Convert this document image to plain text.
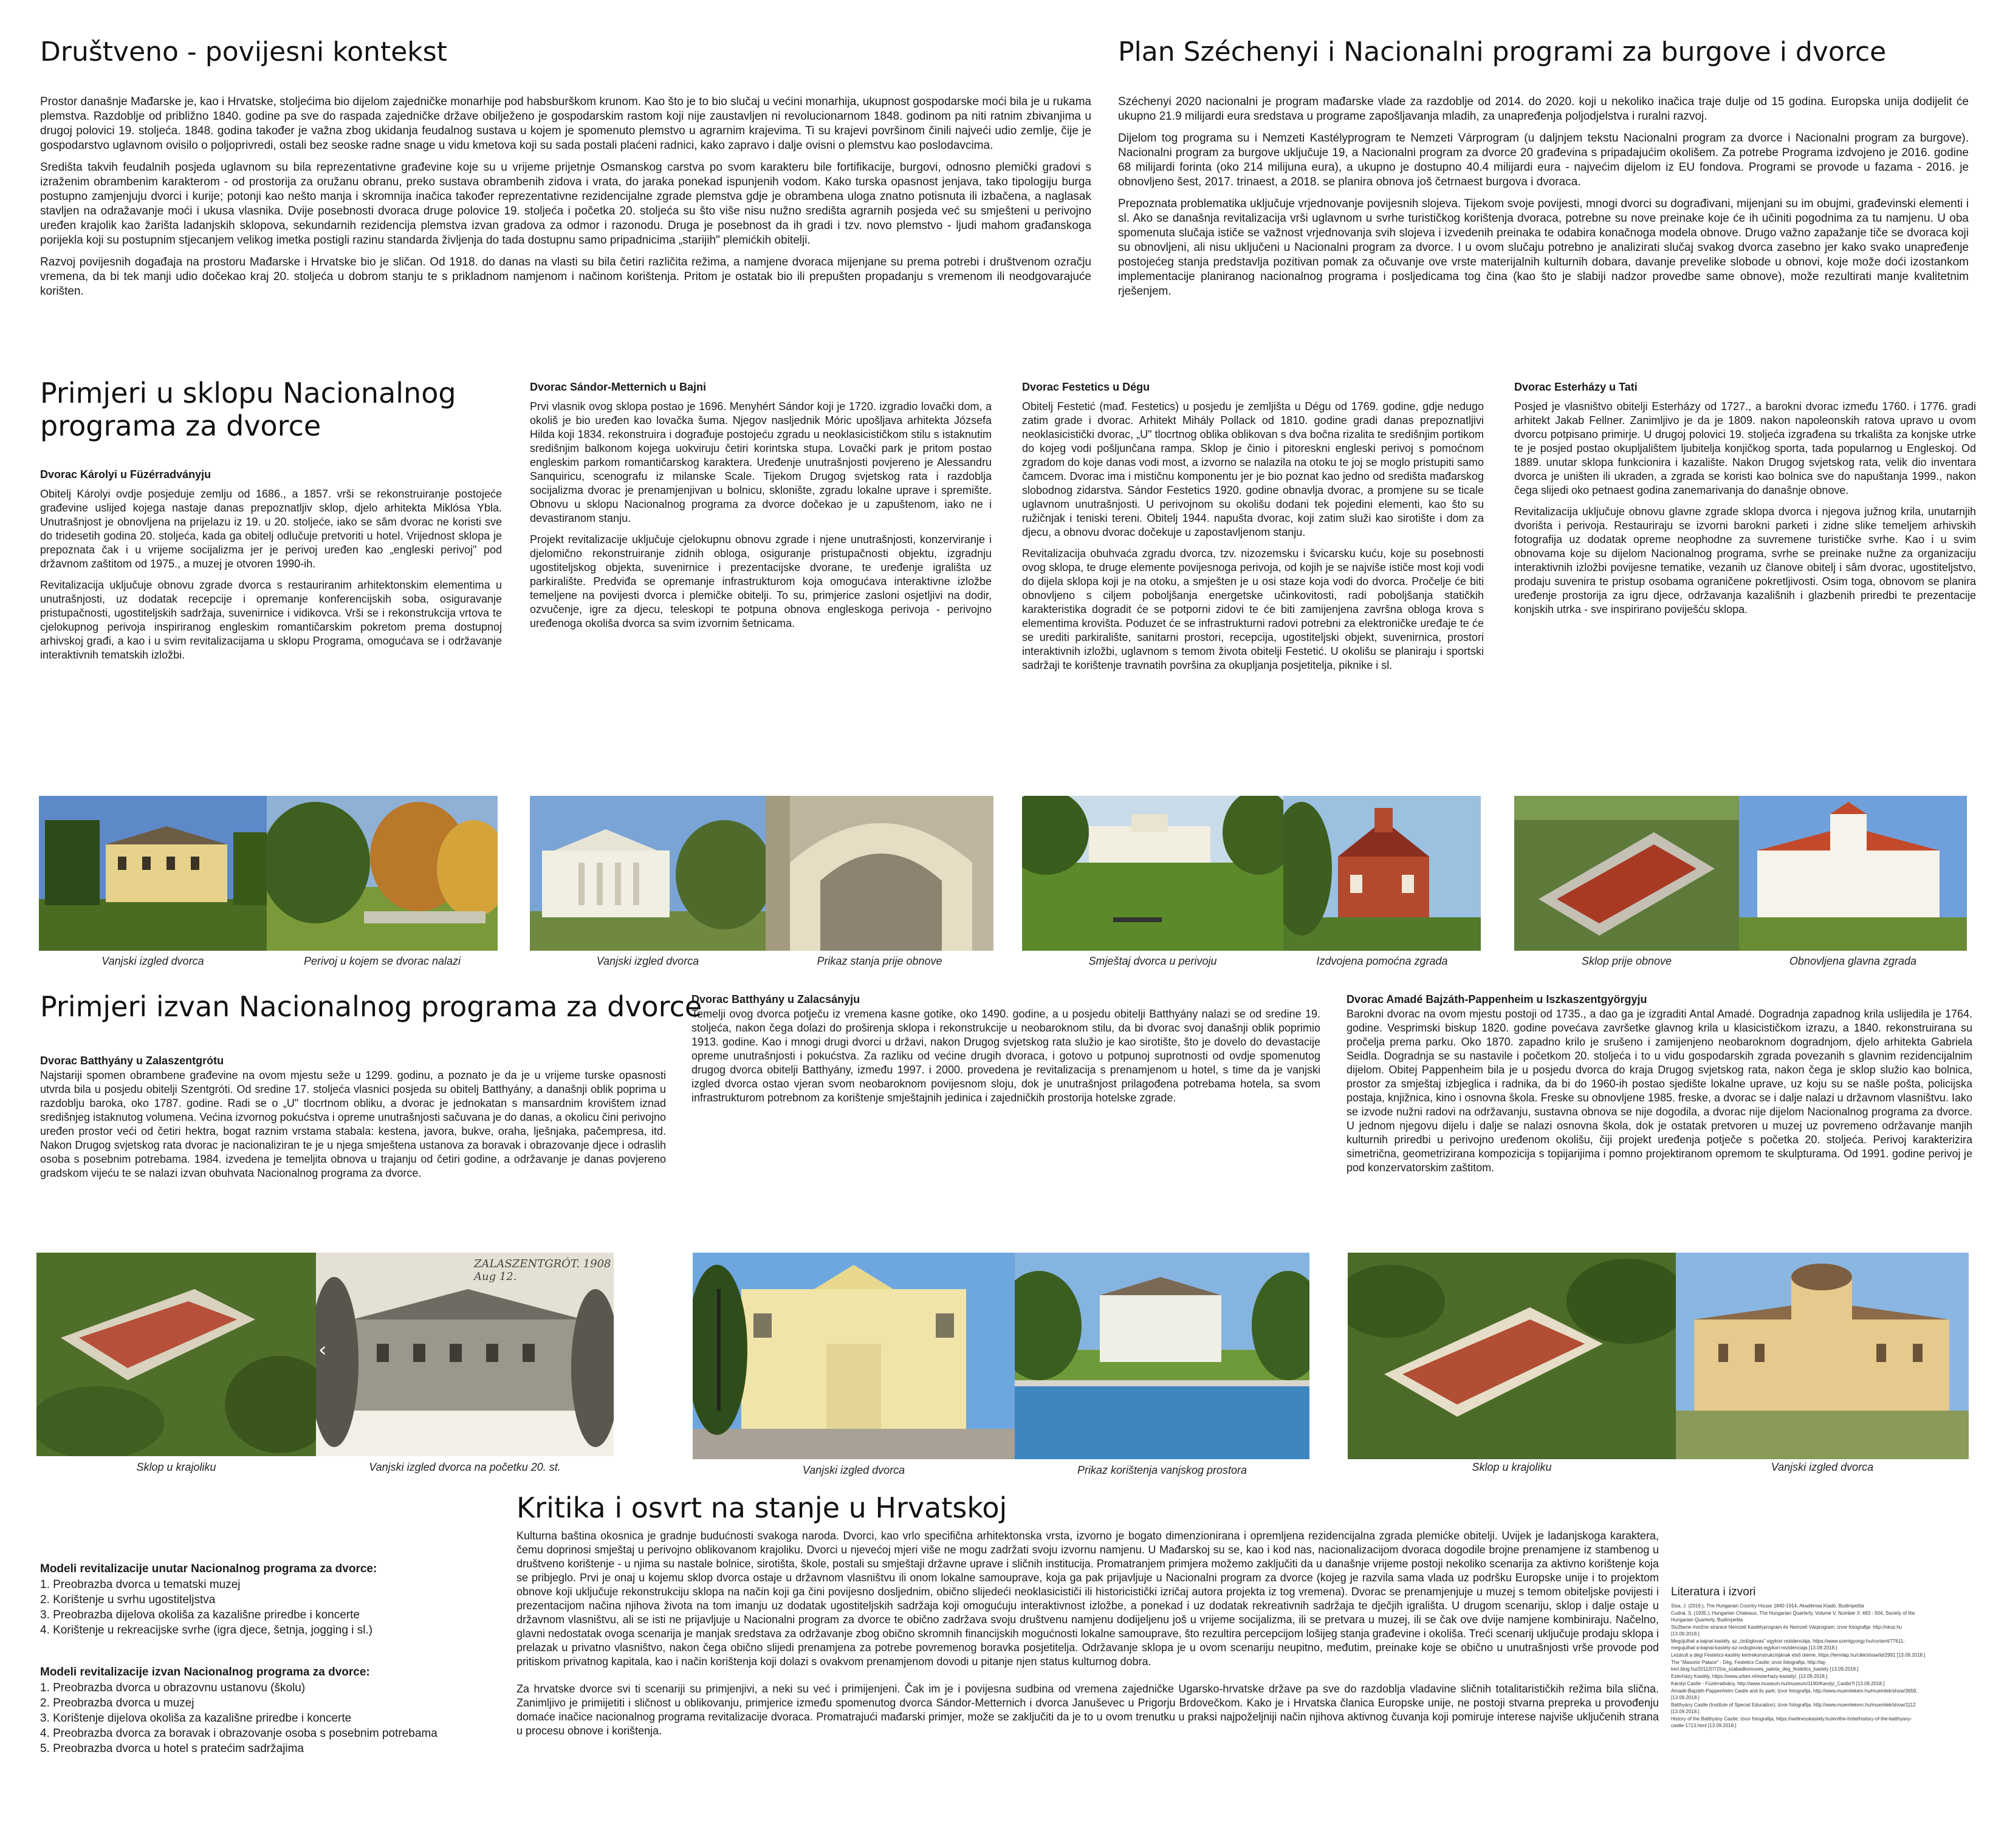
Društveno - povijesni kontekst

Prostor današnje Mađarske je, kao i Hrvatske, stoljećima bio dijelom zajedničke monarhije pod habsburškom krunom. Kao što je to bio slučaj u većini monarhija, ukupnost gospodarske moći bila je u rukama plemstva. Razdoblje od približno 1840. godine pa sve do raspada zajedničke države obilježeno je gospodarskim rastom koji nije zaustavljen ni revolucionarnom 1848. godinom pa niti ratnim zbivanjima u drugoj polovici 19. stoljeća. 1848. godina također je važna zbog ukidanja feudalnog sustava u kojem je spomenuto plemstvo u agrarnim krajevima. Ti su krajevi površinom činili najveći udio zemlje, čije je gospodarstvo uglavnom ovisilo o poljoprivredi, ostali bez seoske radne snage u vidu kmetova koji su sada postali plaćeni radnici, kako zapravo i dalje ovisni o plemstvu kao poslodavcima.

Središta takvih feudalnih posjeda uglavnom su bila reprezentativne građevine koje su u vrijeme prijetnje Osmanskog carstva po svom karakteru bile fortifikacije, burgovi, odnosno plemički gradovi s izraženim obrambenim karakterom - od prostorija za oružanu obranu, preko sustava obrambenih zidova i vrata, do jaraka ponekad ispunjenih vodom. Kako turska opasnost jenjava, tako tipologiju burga postupno zamjenjuju dvorci i kurije; potonji kao nešto manja i skromnija inačica također reprezentativne rezidencijalne zgrade plemstva gdje je obrambena uloga znatno potisnuta ili izbačena, a naglasak stavljen na odražavanje moći i ukusa vlasnika. Dvije posebnosti dvoraca druge polovice 19. stoljeća i početka 20. stoljeća su što više nisu nužno središta agrarnih posjeda već su smješteni u perivojno uređen krajolik kao žarišta ladanjskih sklopova, sekundarnih rezidencija plemstva izvan gradova za odmor i razonodu. Druga je posebnost da ih gradi i tzv. novo plemstvo - ljudi mahom građanskoga porijekla koji su postupnim stjecanjem velikog imetka postigli razinu standarda življenja do tada dostupnu samo pripadnicima „starijih" plemićkih obitelji.

Razvoj povijesnih događaja na prostoru Mađarske i Hrvatske bio je sličan. Od 1918. do danas na vlasti su bila četiri različita režima, a namjene dvoraca mijenjane su prema potrebi i društvenom ozračju vremena, da bi tek manji udio dočekao kraj 20. stoljeća u dobrom stanju te s prikladnom namjenom i načinom korištenja. Pritom je ostatak bio ili prepušten propadanju s vremenom ili neodgovarajuće korišten.

Plan Széchenyi i Nacionalni programi za burgove i dvorce

Széchenyi 2020 nacionalni je program mađarske vlade za razdoblje od 2014. do 2020. koji u nekoliko inačica traje dulje od 15 godina. Europska unija dodijelit će ukupno 21.9 milijardi eura sredstava u programe zapošljavanja mladih, za unapređenja poljodjelstva i ruralni razvoj.

Dijelom tog programa su i Nemzeti Kastélyprogram te Nemzeti Várprogram (u daljnjem tekstu Nacionalni program za dvorce i Nacionalni program za burgove). Nacionalni program za burgove uključuje 19, a Nacionalni program za dvorce 20 građevina s pripadajućim okolišem. Za potrebe Programa izdvojeno je 2016. godine 68 milijardi forinta (oko 214 milijuna eura), a ukupno je dostupno 40.4 milijardi eura - najvećim dijelom iz EU fondova. Programi se provode u fazama - 2016. je obnovljeno šest, 2017. trinaest, a 2018. se planira obnova još četrnaest burgova i dvoraca.

Prepoznata problematika uključuje vrjednovanje povijesnih slojeva. Tijekom svoje povijesti, mnogi dvorci su dograđivani, mijenjani su im obujmi, građevinski elementi i sl. Ako se današnja revitalizacija vrši uglavnom u svrhe turističkog korištenja dvoraca, potrebne su nove preinake koje će ih učiniti pogodnima za tu namjenu. U oba spomenuta slučaja ističe se važnost vrjednovanja svih slojeva i izvedenih preinaka te odabira konačnoga modela obnove. Drugo važno zapažanje tiče se dvoraca koji su obnovljeni, ali nisu uključeni u Nacionalni program za dvorce. I u ovom slučaju potrebno je analizirati slučaj svakog dvorca zasebno jer kako svako unapređenje postojećeg stanja predstavlja pozitivan pomak za očuvanje ove vrste materijalnih kulturnih dobara, davanje prevelike slobode u obnovi, koje može doći izostankom implementacije planiranog nacionalnog programa i posljedicama tog čina (kao što je slabiji nadzor provedbe same obnove), može rezultirati manje kvalitetnim rješenjem.

Primjeri u sklopu Nacionalnog
programa za dvorce
Dvorac Károlyi u Füzérradványju

Obitelj Károlyi ovdje posjeduje zemlju od 1686., a 1857. vrši se rekonstruiranje postojeće građevine uslijed kojega nastaje danas prepoznatljiv sklop, djelo arhitekta Miklósa Ybla. Unutrašnjost je obnovljena na prijelazu iz 19. u 20. stoljeće, iako se sâm dvorac ne koristi sve do tridesetih godina 20. stoljeća, kada ga obitelj odlučuje pretvoriti u hotel. Vrijednost sklopa je prepoznata čak i u vrijeme socijalizma jer je perivoj uređen kao „engleski perivoj" pod državnom zaštitom od 1975., a muzej je otvoren 1990-ih.

Revitalizacija uključuje obnovu zgrade dvorca s restauriranim arhitektonskim elementima u unutrašnjosti, uz dodatak recepcije i opremanje konferencijskih soba, osiguravanje pristupačnosti, ugostiteljskih sadržaja, suvenirnice i vidikovca. Vrši se i rekonstrukcija vrtova te cjelokupnog perivoja inspiriranog engleskim romantičarskim pokretom prema dostupnoj arhivskoj građi, a kao i u svim revitalizacijama u sklopu Programa, omogućava se i održavanje interaktivnih tematskih izložbi.

Dvorac Sándor-Metternich u Bajni

Prvi vlasnik ovog sklopa postao je 1696. Menyhért Sándor koji je 1720. izgradio lovački dom, a okoliš je bio uređen kao lovačka šuma. Njegov nasljednik Móric upošljava arhitekta Józsefa Hilda koji 1834. rekonstruira i dograđuje postojeću zgradu u neoklasicističkom stilu s istaknutim središnjim balkonom kojega uokviruju četiri korintska stupa. Lovački park je pritom postao engleskim parkom romantičarskog karaktera. Uređenje unutrašnjosti povjereno je Alessandru Sanquiricu, scenografu iz milanske Scale. Tijekom Drugog svjetskog rata i razdoblja socijalizma dvorac je prenamjenjivan u bolnicu, sklonište, zgradu lokalne uprave i spremište. Obnovu u sklopu Nacionalnog programa za dvorce dočekao je u zapuštenom, iako ne i devastiranom stanju.

Projekt revitalizacije uključuje cjelokupnu obnovu zgrade i njene unutrašnjosti, konzerviranje i djelomično rekonstruiranje zidnih obloga, osiguranje pristupačnosti objektu, izgradnju ugostiteljskog objekta, suvenirnice i prezentacijske dvorane, te uređenje igrališta uz parkiralište. Predviđa se opremanje infrastrukturom koja omogućava interaktivne izložbe temeljene na povijesti dvorca i plemičke obitelji. To su, primjerice zasloni osjetljivi na dodir, ozvučenje, igre za djecu, teleskopi te potpuna obnova engleskoga perivoja - perivojno uređenoga okoliša dvorca sa svim izvornim šetnicama.

Dvorac Festetics u Dégu

Obitelj Festetić (mađ. Festetics) u posjedu je zemljišta u Dégu od 1769. godine, gdje nedugo zatim grade i dvorac. Arhitekt Mihály Pollack od 1810. godine gradi danas prepoznatljivi neoklasicistički dvorac, „U" tlocrtnog oblika oblikovan s dva bočna rizalita te središnjim portikom do kojeg vodi pošljunčana rampa. Sklop je činio i pitoreskni engleski perivoj s pomoćnom zgradom do koje danas vodi most, a izvorno se nalazila na otoku te joj se moglo pristupiti samo čamcem. Dvorac ima i mističnu komponentu jer je bio poznat kao jedno od središta mađarskog slobodnog zidarstva. Sándor Festetics 1920. godine obnavlja dvorac, a promjene su se ticale uglavnom unutrašnjosti. U perivojnom su okolišu dodani tek pojedini elementi, kao što su ružičnjak i teniski tereni. Obitelj 1944. napušta dvorac, koji zatim služi kao sirotište i dom za djecu, a obnovu dvorac dočekuje u zapostavljenom stanju.

Revitalizacija obuhvaća zgradu dvorca, tzv. nizozemsku i švicarsku kuću, koje su posebnosti ovog sklopa, te druge elemente povijesnoga perivoja, od kojih je se najviše ističe most koji vodi do dijela sklopa koji je na otoku, a smješten je u osi staze koja vodi do dvorca. Pročelje će biti obnovljeno s ciljem poboljšanja energetske učinkovitosti, radi poboljšanja statičkih karakteristika dogradit će se potporni zidovi te će biti zamijenjena završna obloga krova s elementima krovišta. Poduzet će se infrastrukturni radovi potrebni za elektroničke uređaje te će se urediti parkiralište, sanitarni prostori, recepcija, ugostiteljski objekt, suvenirnica, prostori interaktivnih izložbi, uglavnom s temom života obitelji Festetić. U okolišu se planiraju i sportski sadržaji te korištenje travnatih površina za okupljanja posjetitelja, piknike i sl.

Dvorac Esterházy u Tati

Posjed je vlasništvo obitelji Esterházy od 1727., a barokni dvorac između 1760. i 1776. gradi arhitekt Jakab Fellner. Zanimljivo je da je 1809. nakon napoleonskih ratova upravo u ovom dvorcu potpisano primirje. U drugoj polovici 19. stoljeća izgrađena su trkališta za konjske utrke te je posjed postao okupljalištem ljubitelja konjičkog sporta, tada popularnog u Engleskoj. Od 1889. unutar sklopa funkcionira i kazalište. Nakon Drugog svjetskog rata, velik dio inventara dvorca je uništen ili ukraden, a zgrada se koristi kao bolnica sve do napuštanja 1999., nakon čega slijedi oko petnaest godina zanemarivanja do današnje obnove.

Revitalizacija uključuje obnovu glavne zgrade sklopa dvorca i njegova južnog krila, unutarnjih dvorišta i perivoja. Restauriraju se izvorni barokni parketi i zidne slike temeljem arhivskih fotografija uz dodatak opreme neophodne za suvremene turističke svrhe. Kao i u svim obnovama koje su dijelom Nacionalnog programa, svrhe se preinake nužne za organizaciju interaktivnih izložbi povijesne tematike, vezanih uz članove obitelj i sâm dvorac, ugostiteljstvo, prodaju suvenira te pristup osobama ograničene pokretljivosti. Osim toga, obnovom se planira uređenje prostorija za igru djece, održavanja kazališnih i glazbenih priredbi te prezentacije konjskih utrka - sve inspirirano poviješću sklopa.

Vanjski izgled dvorca	Perivoj u kojem se dvorac nalazi	Vanjski izgled dvorca	Prikaz stanja prije obnove	Smještaj dvorca u perivoju	Izdvojena pomoćna zgrada	Sklop prije obnove	Obnovljena glavna zgrada
Primjeri izvan Nacionalnog programa za dvorce
Dvorac Batthyány u Zalaszentgrótu

Najstariji spomen obrambene građevine na ovom mjestu seže u 1299. godinu, a poznato je da je u vrijeme turske opasnosti utvrda bila u posjedu obitelji Szentgróti. Od sredine 17. stoljeća vlasnici posjeda su obitelj Batthyány, a današnji oblik poprima u razdoblju baroka, oko 1787. godine. Radi se o „U" tlocrtnom obliku, a dvorac je jednokatan s mansardnim krovištem iznad središnjeg istaknutog volumena. Većina izvornog pokućstva i opreme unutrašnjosti sačuvana je do danas, a okolicu čini perivojno uređen prostor veći od četiri hektra, bogat raznim vrstama stabala: kestena, javora, bukve, oraha, lješnjaka, pačempresa, itd. Nakon Drugog svjetskog rata dvorac je nacionaliziran te je u njega smještena ustanova za boravak i obrazovanje djece i odraslih osoba s posebnim potrebama. 1984. izvedena je temeljita obnova u trajanju od četiri godine, a održavanje je danas povjereno gradskom vijeću te se nalazi izvan obuhvata Nacionalnog programa za dvorce.

Dvorac Batthyány u Zalacsányju

Temelji ovog dvorca potječu iz vremena kasne gotike, oko 1490. godine, a u posjedu obitelji Batthyány nalazi se od sredine 19. stoljeća, nakon čega dolazi do proširenja sklopa i rekonstrukcije u neobaroknom stilu, da bi dvorac svoj današnji oblik poprimio 1913. godine. Kao i mnogi drugi dvorci u državi, nakon Drugog svjetskog rata služio je kao sirotište, što je dovelo do devastacije opreme unutrašnjosti i pokućstva. Za razliku od većine drugih dvoraca, i gotovo u potpunoj suprotnosti od ovdje spomenutog drugog dvorca obitelji Batthyány, između 1997. i 2000. provedena je revitalizacija s prenamjenom u hotel, s time da je vanjski izgled dvorca ostao vjeran svom neobaroknom povijesnom sloju, dok je unutrašnjost prilagođena potrebama hotela, sa svom infrastrukturom potrebnom za korištenje smještajnih jedinica i zajedničkih prostorija hotelske zgrade.

Dvorac Amadé Bajzáth-Pappenheim u Iszkaszentgyörgyju

Barokni dvorac na ovom mjestu postoji od 1735., a dao ga je izgraditi Antal Amadé. Dogradnja zapadnog krila uslijedila je 1764. godine. Vesprimski biskup 1820. godine povećava završetke glavnog krila u klasicističkom izrazu, a 1840. rekonstruirana su pročelja prema parku. Oko 1870. zapadno krilo je srušeno i zamijenjeno neobaroknom dogradnjom, djelo arhitekta Gabriela Seidla. Dogradnja se su nastavile i početkom 20. stoljeća i to u vidu gospodarskih zgrada povezanih s glavnim rezidencijalnim dijelom. Obitej Pappenheim bila je u posjedu dvorca do kraja Drugog svjetskog rata, nakon čega je sklop služio kao bolnica, prostor za smještaj izbjeglica i radnika, da bi do 1960-ih postao sjedište lokalne uprave, uz koju su se našle pošta, policijska postaja, knjižnica, kino i osnovna škola. Freske su obnovljene 1985. freske, a dvorac se i dalje nalazi u državnom vlasništvu. Iako se izvode nužni radovi na održavanju, sustavna obnova se nije dogodila, a dvorac nije dijelom Nacionalnog programa za dvorce. U jednom njegovu dijelu i dalje se nalazi osnovna škola, dok je ostatak pretvoren u muzej uz povremeno održavanje manjih kulturnih priredbi u perivojno uređenom okolišu, čiji projekt uređenja potječe s početka 20. stoljeća. Perivoj karakterizira simetrična, geometrizirana kompozicija s topijarijima i pomno projektiranom opremom te skulpturama. Od 1991. godine perivoj je pod konzervatorskim zaštitom.

ZALASZENTGRÓT. 1908 Aug 12.
‹
Sklop u krajoliku	Vanjski izgled dvorca na početku 20. st.	Vanjski izgled dvorca	Prikaz korištenja vanjskog prostora	Sklop u krajoliku	Vanjski izgled dvorca
Kritika i osvrt na stanje u Hrvatskoj

Kulturna baština okosnica je gradnje budućnosti svakoga naroda. Dvorci, kao vrlo specifična arhitektonska vrsta, izvorno je bogato dimenzionirana i opremljena rezidencijalna zgrada plemićke obitelji. Uvijek je ladanjskoga karaktera, čemu doprinosi smještaj u perivojno oblikovanom krajoliku. Dvorci u njevećoj mjeri više ne mogu zadržati svoju izvornu namjenu. U Mađarskoj su se, kao i kod nas, nacionalizacijom dvoraca dogodile brojne prenamjene iz stambenog u društveno korištenje - u njima su nastale bolnice, sirotišta, škole, postali su smještaji državne uprave i sličnih institucija. Promatranjem primjera možemo zaključiti da u današnje vrijeme postoji nekoliko scenarija za aktivno korištenje koja se pribjeglo. Prvi je onaj u kojemu sklop dvorca ostaje u državnom vlasništvu ili onom lokalne samouprave, koja ga pak prijavljuje u Nacionalni program za dvorce (kojeg je razvila sama vlada uz podršku Europske unije i to projektom obnove koji uključuje rekonstrukciju sklopa na način koji ga čini povijesno dosljednim, obično slijedeći neoklasicističi ili historicistički izričaj autora projekta iz tog vremena). Dvorac se prenamjenjuje u muzej s temom obiteljske povijesti i prezentacijom načina njihova života na tom imanju uz dodatak ugostiteljskih sadržaja koji omogućuju interaktivnost izložbe, a ponekad i uz dodatak rekreativnih sadržaja te dječjih igrališta. U drugom scenariju, sklop i dalje ostaje u državnom vlasništvu, ali se isti ne prijavljuje u Nacionalni program za dvorce te obično zadržava svoju društvenu namjenu dodijeljenu još u vrijeme socijalizma, ili se pretvara u muzej, ili se čak ove dvije namjene kombiniraju. Načelno, glavni nedostatak ovoga scenarija je manjak sredstava za održavanje zbog obično skromnih financijskih mogućnosti lokalne samouprave, što rezultira percepcijom lošijeg stanja građevine i okoliša. Treći scenarij uključuje prodaju sklopa i prelazak u privatno vlasništvo, nakon čega obično slijedi prenamjena za potrebe povremenog boravka posjetitelja. Održavanje sklopa je u ovom scenariju neupitno, međutim, preinake koje se obično u unutrašnjosti vrše provode pod pritiskom privatnog kapitala, kao i način korištenja koji dolazi s ovakvom prenamjenom dovodi u pitanje njen status kulturnog dobra.

Za hrvatske dvorce svi ti scenariji su primjenjivi, a neki su već i primijenjeni. Čak im je i povijesna sudbina od vremena zajedničke Ugarsko-hrvatske države pa sve do razdoblja vladavine sličnih totalitarističkih režima bila slična. Zanimljivo je primijetiti i sličnost u oblikovanju, primjerice između spomenutog dvorca Sándor-Metternich i dvorca Januševec u Prigorju Brdovečkom. Kako je i Hrvatska članica Europske unije, ne postoji stvarna prepreka u provođenju domaće inačice nacionalnog programa revitalizacije dvoraca. Promatrajući mađarski primjer, može se zaključiti da je to u ovom trenutku u praksi najpoželjniji način njihova aktivnog čuvanja koji pomiruje interese najviše uključenih strana u procesu obnove i korištenja.

Modeli revitalizacije unutar Nacionalnog programa za dvorce:
1. Preobrazba dvorca u tematski muzej
2. Korištenje u svrhu ugostiteljstva
3. Preobrazba dijelova okoliša za kazališne priredbe i koncerte
4. Korištenje u rekreacijske svrhe (igra djece, šetnja, jogging i sl.)
Modeli revitalizacije izvan Nacionalnog programa za dvorce:
1. Preobrazba dvorca u obrazovnu ustanovu (školu)
2. Preobrazba dvorca u muzej
3. Korištenje dijelova okoliša za kazališne priredbe i koncerte
4. Preobrazba dvorca za boravak i obrazovanje osoba s posebnim potrebama
5. Preobrazba dvorca u hotel s pratećim sadržajima
Literatura i izvori
Sisa, J. (2016.), The Hungarian Country House 1840-1914, Akadémiai Kiadó, Budimpešta
Cudrai, S. (1935.), Hungarian Chateaux, The Hungarian Quarterly, Volume V, Number 3: 493 - 504, Society of the Hungarian Quarterly, Budimpešta
Službene mrežne stranice Nemzeti Kastélyprogram és Nemzeti Várprogram; izvor fotografija: http://nkvp.hu [13.09.2018.]
Megújulhat a bajnai kastély, az „ördöglovas" egykori rezidenciája, https://www.szentgyorgy.hu/content/77611-megujulhat-a-bajnai-kastely-az-ordoglovas-egykori-rezidenciaja [13.09.2018.]
Lezárult a dégi Festetics-kastély kertrekonstrukciójának első üteme, https://termlap.hu/cikk/show/id/2991 [13.09.2018.]
The "Masonic Palace" - Dég, Festetics Castle; izvor fotografija, http://taj-kert.blog.hu/2011/07/15/a_szabadkomuves_palota_deg_festetics_kastely [13.09.2018.]
Esterházy Kastély, https://www.urbex.nl/esterhazy-kastely/, [13.09.2018.]
Károlyi Castle - Füzérradvány, http://www.museum.hu/museum/1190/Karolyi_Castle?l [13.09.2018.]
Amadé-Bajzáth-Pappenheim Castle and its park; izvor fotografija, http://www.muemlekem.hu/muemlek/show/3658, [13.09.2018.]
Batthyány Castle (Institute of Special Education); izvor fotografija, http://www.muemlekem.hu/muemlek/show/1112 [13.09.2018.]
History of the Batthyány Castle; izvor fotografija, https://wellnesskastely.hu/en/the-hotel/history-of-the-batthyany-castle-1713.html [13.09.2018.]
